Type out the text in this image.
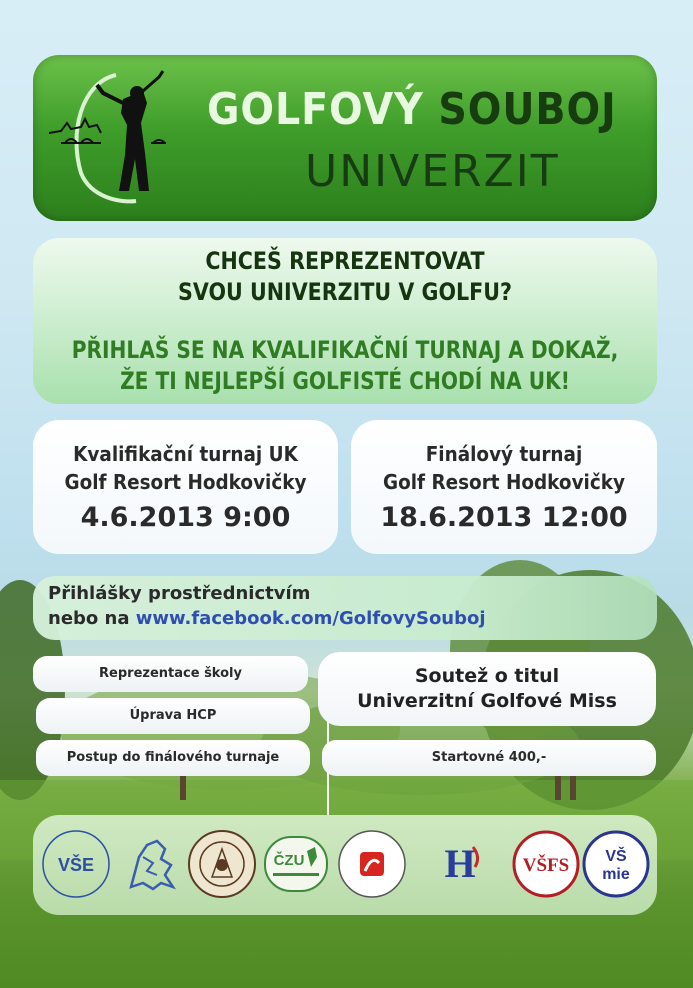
GOLFOVÝ SOUBOJ
UNIVERZIT
CHCEŠ REPREZENTOVAT
SVOU UNIVERZITU V GOLFU?
PŘIHLAŠ SE NA KVALIFIKAČNÍ TURNAJ A DOKAŽ,
ŽE TI NEJLEPŠÍ GOLFISTÉ CHODÍ NA UK!
Kvalifikační turnaj UK
Golf Resort Hodkovičky
4.6.2013 9:00
Finálový turnaj
Golf Resort Hodkovičky
18.6.2013 12:00
Přihlášky prostřednictvím
nebo na www.facebook.com/GolfovySouboj
Reprezentace školy
Úprava HCP
Postup do finálového turnaje
Soutež o titul
Univerzitní Golfové Miss
Startovné 400,-
VŠE	ČZU	H VŠFS VŠ
mie
